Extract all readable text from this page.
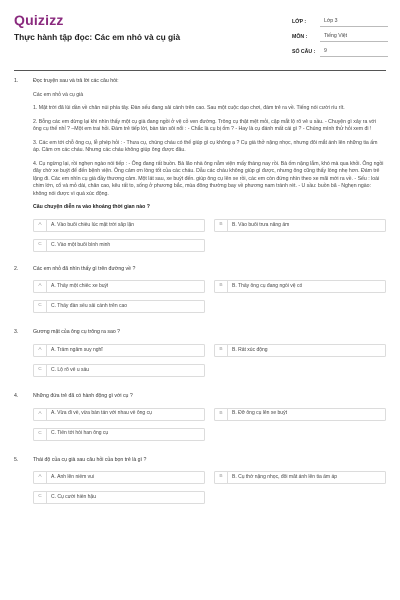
Quizizz
Thực hành tập đọc: Các em nhỏ và cụ già
LỚP :	Lớp 3
MÔN :	Tiếng Việt
SỐ CÂU :	9
1.	Đọc truyện sau và trả lời các câu hỏi:
Các em nhỏ và cụ già
1. Mặt trời đã lùi dần về chân núi phía tây. Đàn sếu đang sải cánh trên cao. Sau một cuộc dạo chơi, đám trẻ ra về. Tiếng nói cười ríu rít.
2. Bỗng các em dừng lại khi nhìn thấy một cụ già đang ngồi ở vệ cỏ ven đường. Trông cụ thật mệt mỏi, cặp mắt lộ rõ vẻ u sầu. - Chuyện gì xảy ra với ông cụ thế nhỉ ? –Một em trai hỏi. Đám trẻ tiếp lời, bàn tán sôi nổi : - Chắc là cụ bị ốm ? - Hay là cụ đánh mất cái gì ? - Chúng mình thử hỏi xem đi !
3. Các em tới chỗ ông cụ, lễ phép hỏi : - Thưa cụ, chúng cháu có thể giúp gì cụ không ạ ? Cụ già thở nặng nhọc, nhưng đôi mắt ánh lên những tia ấm áp. Cảm ơn các cháu. Nhưng các cháu không giúp ông được đâu.
4. Cụ ngừng lại, rồi nghẹn ngào nói tiếp : - Ông đang rất buồn. Bà lão nhà ông nằm viện mấy tháng nay rồi. Bà ốm nặng lắm, khó mà qua khỏi. Ông ngồi đây chờ xe buýt để đến bệnh viện. Ông cảm ơn lòng tốt của các cháu. Dẫu các cháu không giúp gì được, nhưng ông cũng thấy lòng nhẹ hơn. Đám trẻ lặng đi. Các em nhìn cụ già đầy thương cảm. Một lát sau, xe buýt đến. giúp ông cụ lên xe rồi, các em còn đứng nhìn theo xe mãi mới ra về. - Sếu : loài chim lớn, cổ và mỏ dài, chân cao, kêu rất to, sống ở phương bắc, mùa đông thường bay về phương nam tránh rét. - U sầu: buồn bã - Nghẹn ngào: không nói được vì quá xúc động.
Câu chuyện diễn ra vào khoảng thời gian nào ?
A	A. Vào buổi chiều lúc mặt trời sắp lặn	B	B. Vào buổi trưa nắng ấm
C	C. Vào một buổi bình minh
2.	Các em nhỏ đã nhìn thấy gì trên đường về ?
A	A. Thấy một chiếc xe buýt	B	B. Thấy ông cụ đang ngồi vệ cỏ
C	C. Thấy đàn sếu sải cánh trên cao
3.	Gương mặt của ông cụ trông ra sao ?
A	A. Trầm ngâm suy nghĩ	B	B. Rất xúc động
C	C. Lộ rõ vẻ u sầu
4.	Những đứa trẻ đã có hành động gì với cụ ?
A	A. Vừa đi về, vừa bàn tán với nhau về ông cụ	B	B. Đỡ ông cụ lên xe buýt
C	C. Tiến tới hỏi han ông cụ
5.	Thái độ của cụ già sau câu hỏi của bọn trẻ là gì ?
A	A. Ánh lên niềm vui	B	B. Cụ thở nặng nhọc, đôi mắt ánh lên tia ấm áp
C	C. Cụ cười hiền hậu
